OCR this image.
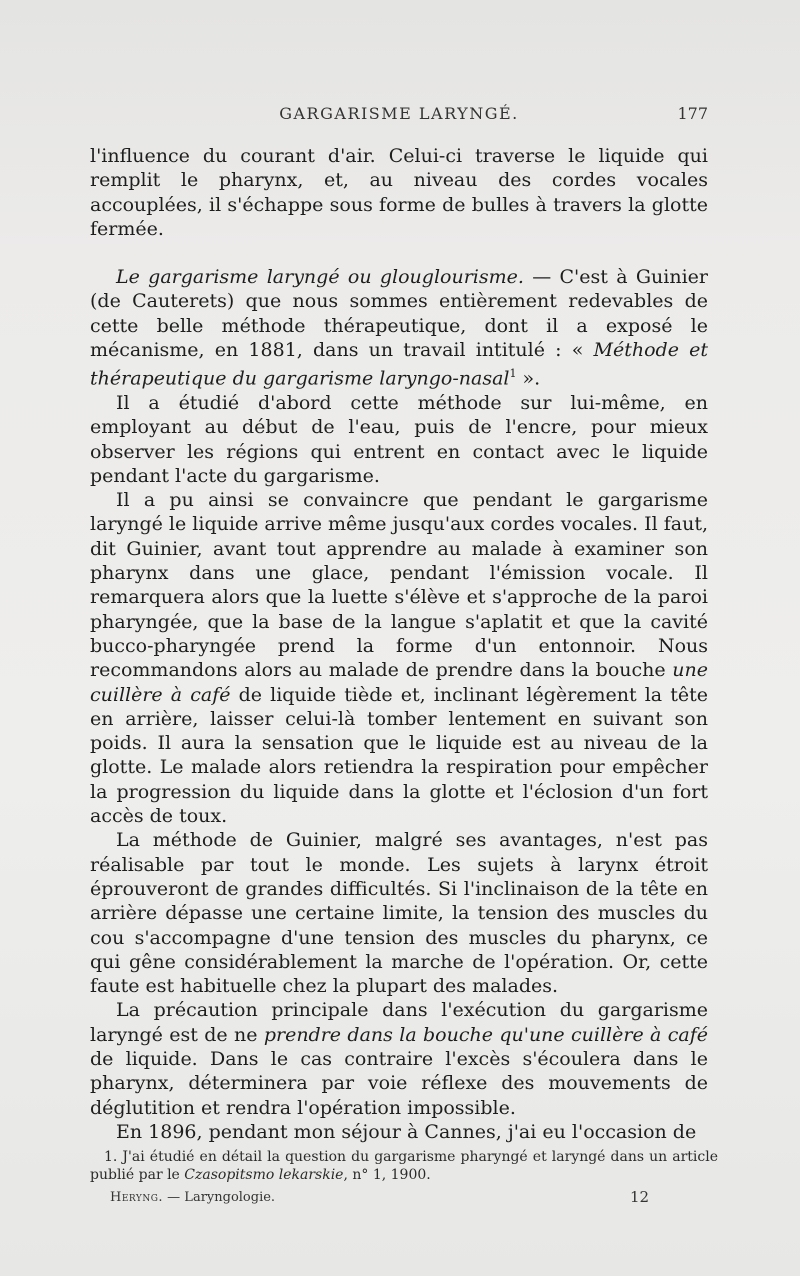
GARGARISME LARYNGÉ.	177

l'influence du courant d'air. Celui-ci traverse le liquide qui remplit le pharynx, et, au niveau des cordes vocales accouplées, il s'échappe sous forme de bulles à travers la glotte fermée.

Le gargarisme laryngé ou glouglourisme. — C'est à Guinier (de Cauterets) que nous sommes entièrement redevables de cette belle méthode thérapeutique, dont il a exposé le mécanisme, en 1881, dans un travail intitulé : « Méthode et thérapeutique du gargarisme laryngo-nasal$^1$ ».

Il a étudié d'abord cette méthode sur lui-même, en employant au début de l'eau, puis de l'encre, pour mieux observer les régions qui entrent en contact avec le liquide pendant l'acte du gargarisme.

Il a pu ainsi se convaincre que pendant le gargarisme laryngé le liquide arrive même jusqu'aux cordes vocales. Il faut, dit Guinier, avant tout apprendre au malade à examiner son pharynx dans une glace, pendant l'émission vocale. Il remarquera alors que la luette s'élève et s'approche de la paroi pharyngée, que la base de la langue s'aplatit et que la cavité bucco-pharyngée prend la forme d'un entonnoir. Nous recommandons alors au malade de prendre dans la bouche une cuillère à café de liquide tiède et, inclinant légèrement la tête en arrière, laisser celui-là tomber lentement en suivant son poids. Il aura la sensation que le liquide est au niveau de la glotte. Le malade alors retiendra la respiration pour empêcher la progression du liquide dans la glotte et l'éclosion d'un fort accès de toux.

La méthode de Guinier, malgré ses avantages, n'est pas réalisable par tout le monde. Les sujets à larynx étroit éprouveront de grandes difficultés. Si l'inclinaison de la tête en arrière dépasse une certaine limite, la tension des muscles du cou s'accompagne d'une tension des muscles du pharynx, ce qui gêne considérablement la marche de l'opération. Or, cette faute est habituelle chez la plupart des malades.

La précaution principale dans l'exécution du gargarisme laryngé est de ne prendre dans la bouche qu'une cuillère à café de liquide. Dans le cas contraire l'excès s'écoulera dans le pharynx, déterminera par voie réflexe des mouvements de déglutition et rendra l'opération impossible.

En 1896, pendant mon séjour à Cannes, j'ai eu l'occasion de

1. J'ai étudié en détail la question du gargarisme pharyngé et laryngé dans un article publié par le Czasopitsmo lekarskie, n° 1, 1900.

Heryng. — Laryngologie.	12
